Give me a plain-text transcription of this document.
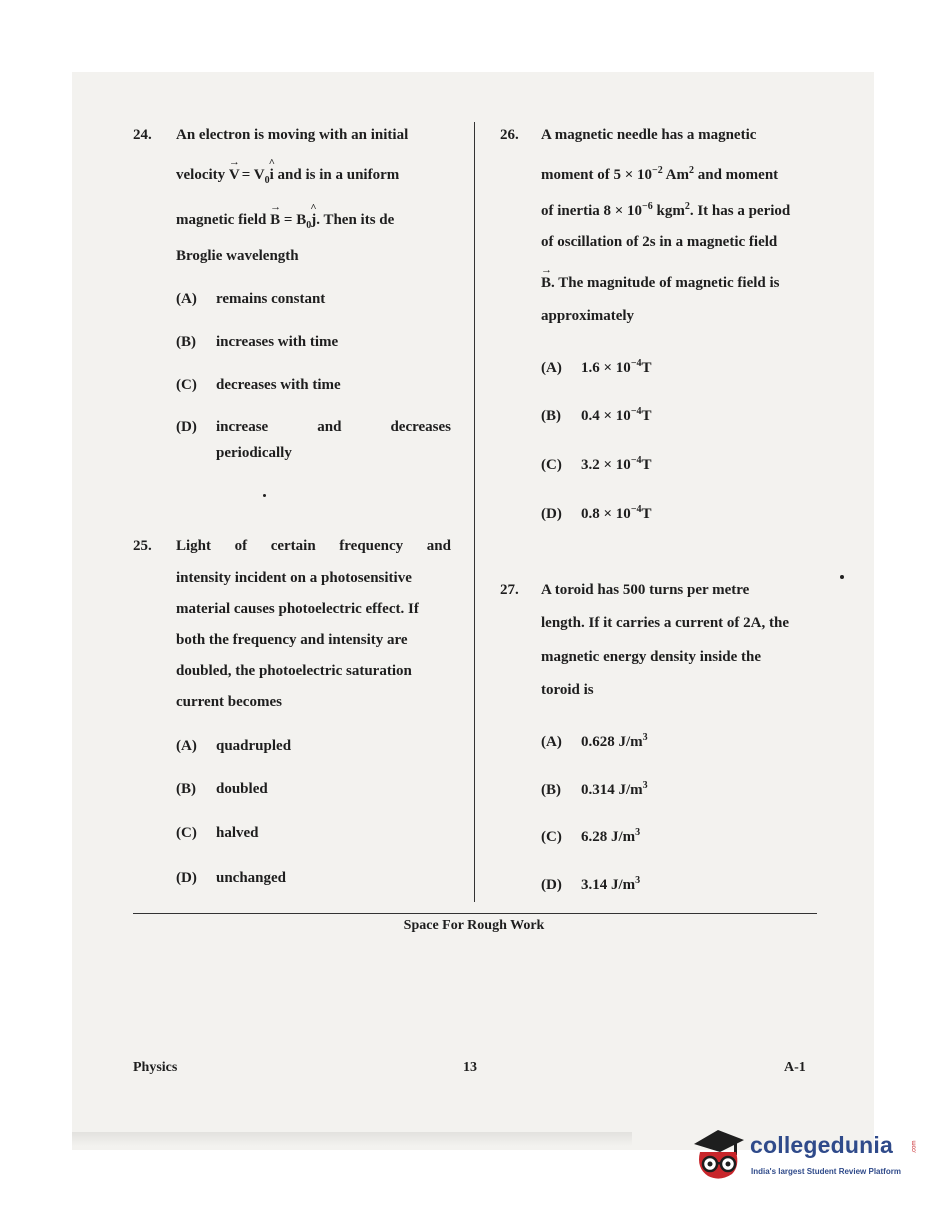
24. An electron is moving with an initial
velocity → $V = V_0\^{}$ i and is in a uniform
magnetic field → $B = B_0\^{}$ j. Then its de
Broglie wavelength
(A) remains constant
(B) increases with time
(C) decreases with time
(D)	increase	and	decreases
periodically
25. Light of certain frequency and
intensity incident on a photosensitive
material causes photoelectric effect. If
both the frequency and intensity are
doubled, the photoelectric saturation
current becomes
(A) quadrupled
(B) doubled
(C) halved
(D) unchanged
26. A magnetic needle has a magnetic
moment of $5 \times 10^{-2}$ Am$^2$ and moment
of inertia $8 \times 10^{-6}$ kgm$^2$. It has a period
of oscillation of 2s in a magnetic field
→ B. The magnitude of magnetic field is
approximately
(A) $1.6 \times 10^{-4}T$
(B) $0.4 \times 10^{-4}T$
(C) $3.2 \times 10^{-4}T$
(D) $0.8 \times 10^{-4}T$
27. A toroid has 500 turns per metre
length. If it carries a current of 2A, the
magnetic energy density inside the
toroid is
(A) 0.628 $J/m^3$
(B) 0.314 $J/m^3$
(C) 6.28 $J/m^3$
(D) 3.14 $J/m^3$
Space For Rough Work
Physics	13	A-1
collegedunia	.com
India's largest Student Review Platform
